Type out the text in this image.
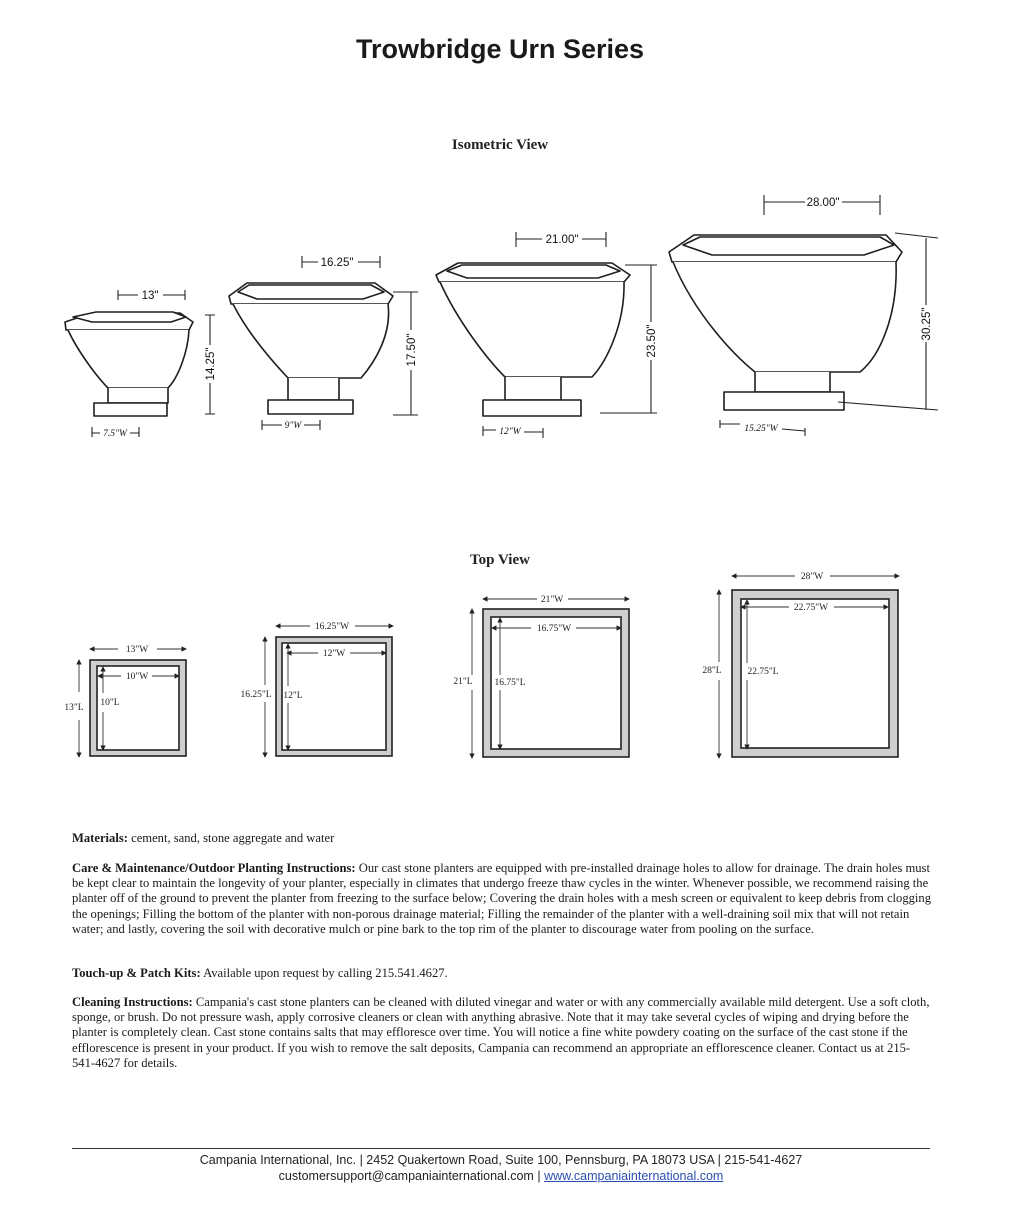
Trowbridge Urn Series
Isometric View
Top View
13"
14.25"
7.5"W
16.25"
17.50"
9"W
21.00"
23.50"
12"W
28.00"
30.25"
15.25"W
13"W
10"W
13"L 10"L
16.25"W
12"W
16.25"L 12"L
21"W
16.75"W
21"L 16.75"L
28"W
22.75"W
28"L	22.75"L
Materials: cement, sand, stone aggregate and water
Care & Maintenance/Outdoor Planting Instructions: Our cast stone planters are equipped with pre-installed drainage holes to allow for drainage. The drain holes must be kept clear to maintain the longevity of your planter, especially in climates that undergo freeze thaw cycles in the winter. Whenever possible, we recommend raising the planter off of the ground to prevent the planter from freezing to the surface below; Covering the drain holes with a mesh screen or equivalent to keep debris from clogging the openings; Filling the bottom of the planter with non-porous drainage material; Filling the remainder of the planter with a well-draining soil mix that will not retain water; and lastly, covering the soil with decorative mulch or pine bark to the top rim of the planter to discourage water from pooling on the surface.
Touch-up & Patch Kits: Available upon request by calling 215.541.4627.
Cleaning Instructions: Campania's cast stone planters can be cleaned with diluted vinegar and water or with any commercially available mild detergent. Use a soft cloth, sponge, or brush. Do not pressure wash, apply corrosive cleaners or clean with anything abrasive. Note that it may take several cycles of wiping and drying before the planter is completely clean. Cast stone contains salts that may effloresce over time. You will notice a fine white powdery coating on the surface of the cast stone if the efflorescence is present in your product. If you wish to remove the salt deposits, Campania can recommend an appropriate an efflorescence cleaner. Contact us at 215-541-4627 for details.
Campania International, Inc. | 2452 Quakertown Road, Suite 100, Pennsburg, PA 18073 USA | 215-541-4627
customersupport@campaniainternational.com | www.campaniainternational.com
